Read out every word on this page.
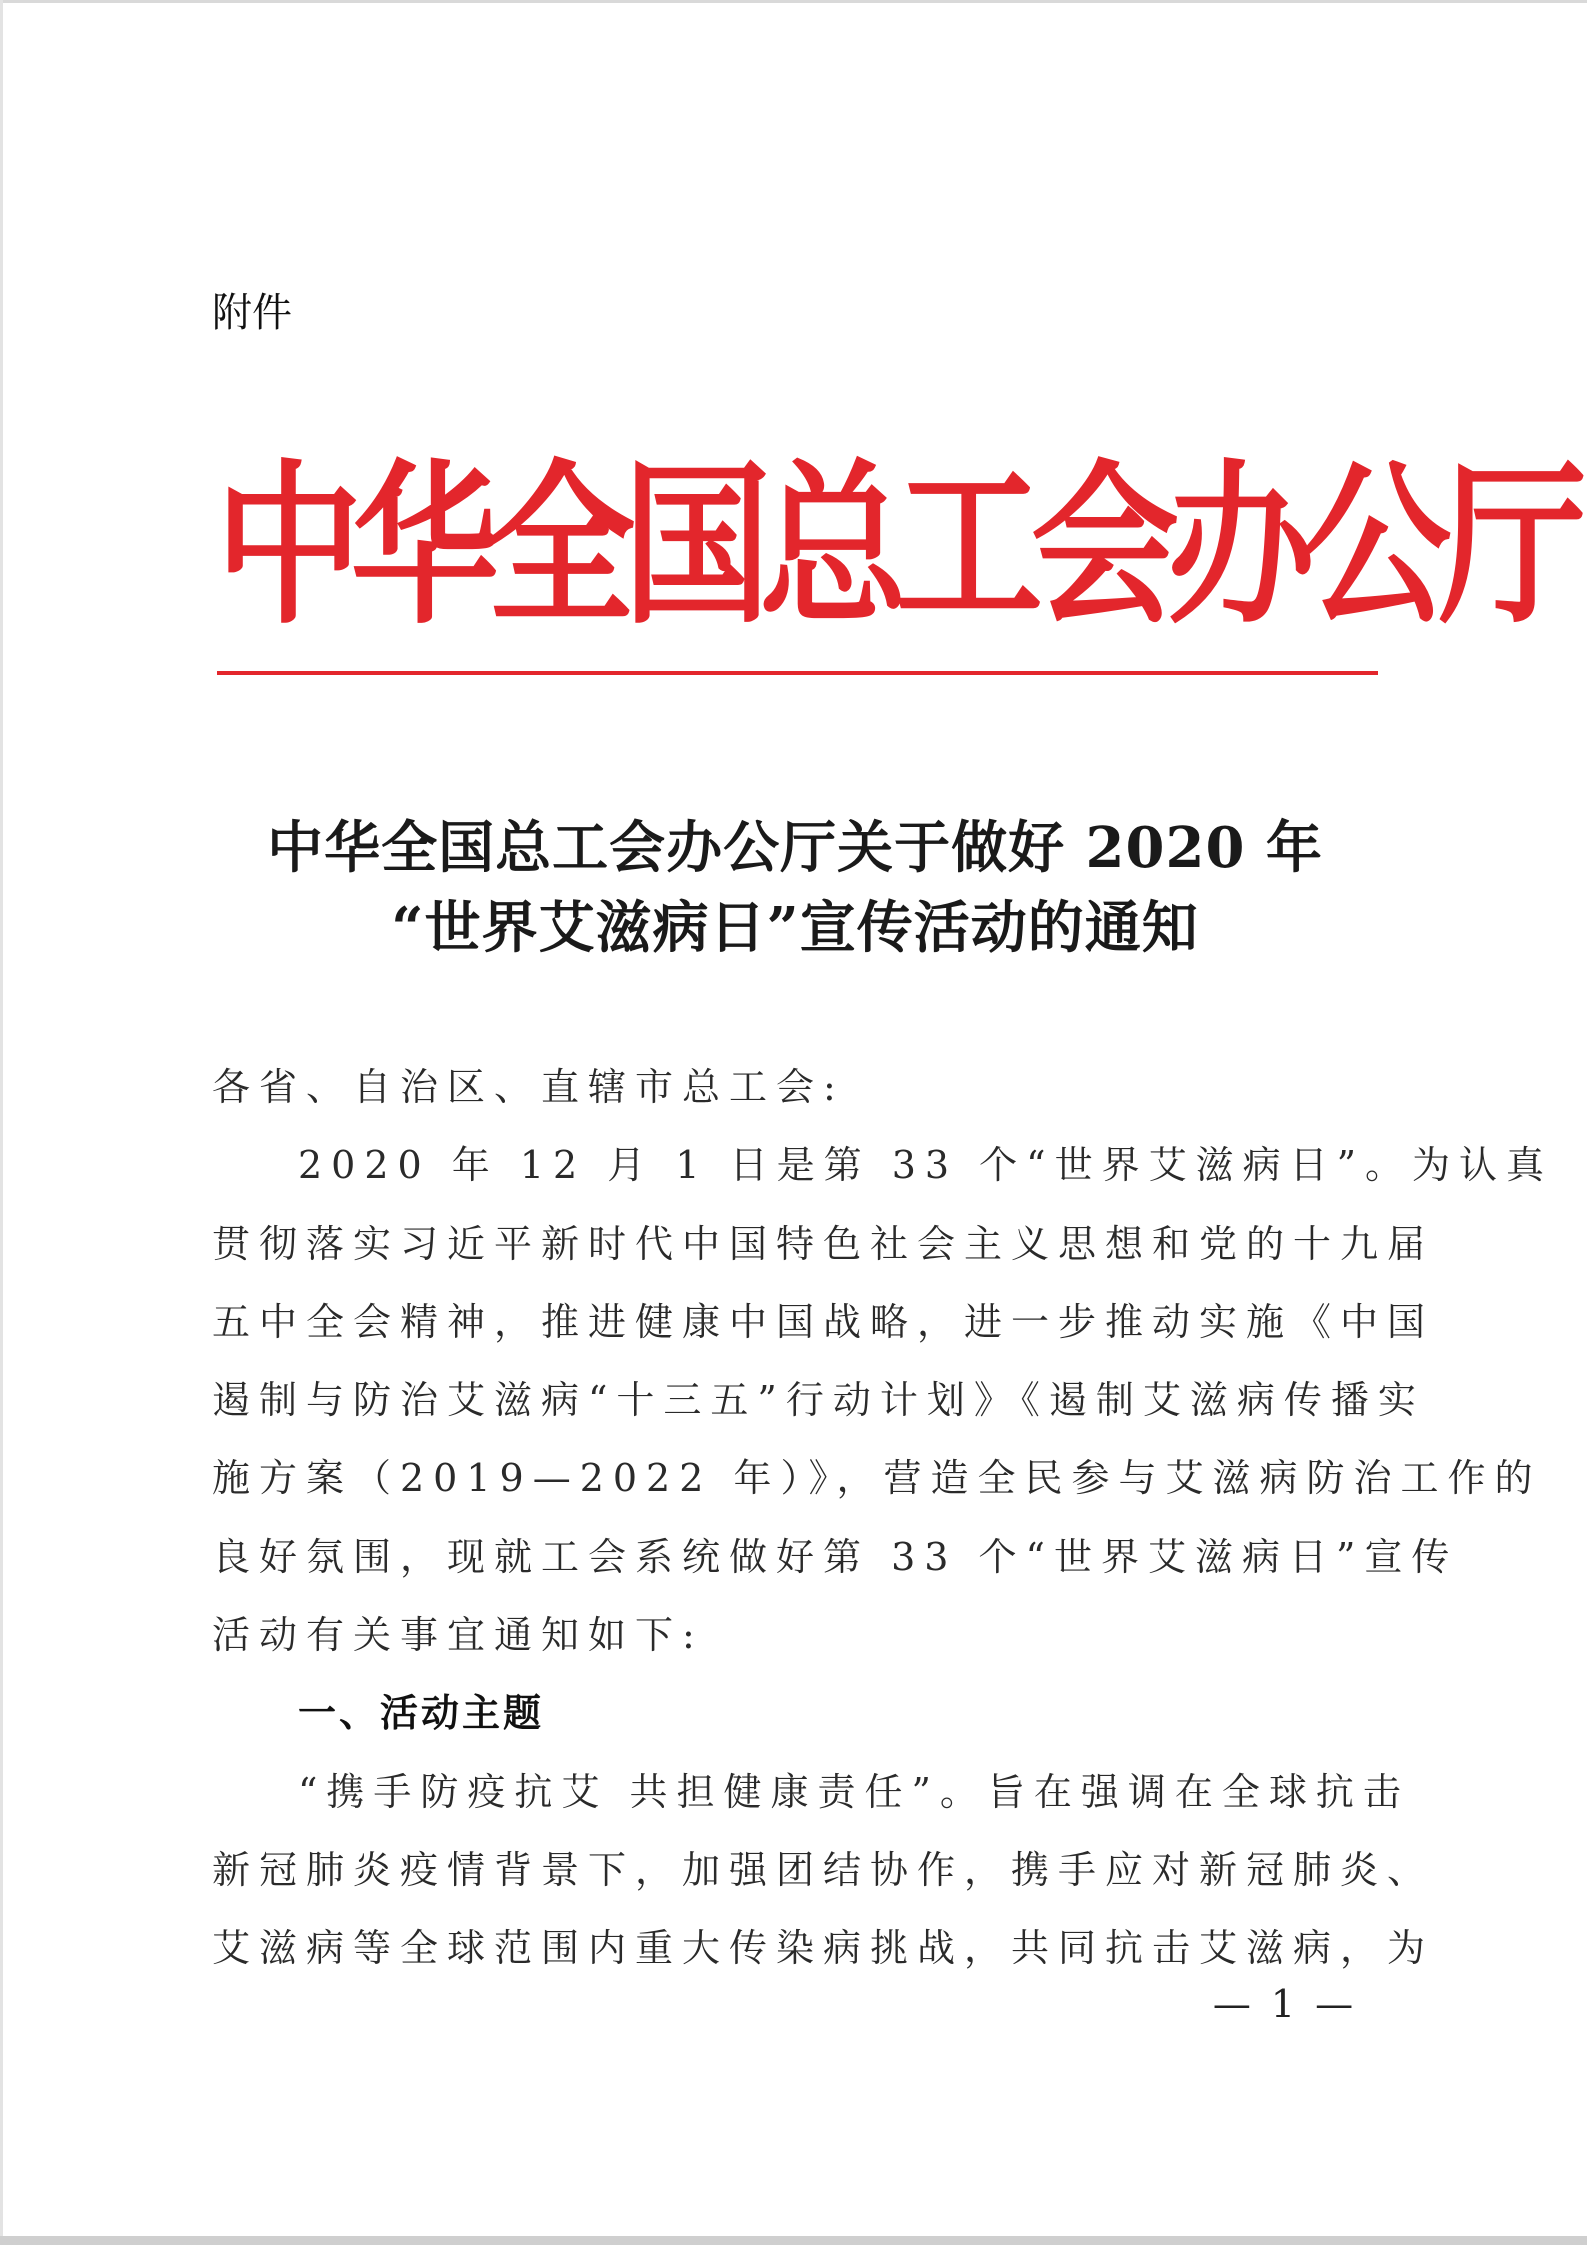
附件
中华全国总工会办公厅
中华全国总工会办公厅关于做好 2020 年
“世界艾滋病日”宣传活动的通知
各省、自治区、直辖市总工会:
2020 年 12 月 1 日是第 33 个“世界艾滋病日”。为认真
贯彻落实习近平新时代中国特色社会主义思想和党的十九届
五中全会精神，推进健康中国战略，进一步推动实施《中国
遏制与防治艾滋病“十三五”行动计划》《遏制艾滋病传播实
施方案（2019—2022 年）》，营造全民参与艾滋病防治工作的
良好氛围，现就工会系统做好第 33 个“世界艾滋病日”宣传
活动有关事宜通知如下:
一、活动主题
“携手防疫抗艾 共担健康责任”。旨在强调在全球抗击
新冠肺炎疫情背景下，加强团结协作，携手应对新冠肺炎、
艾滋病等全球范围内重大传染病挑战，共同抗击艾滋病，为
— 1 —
